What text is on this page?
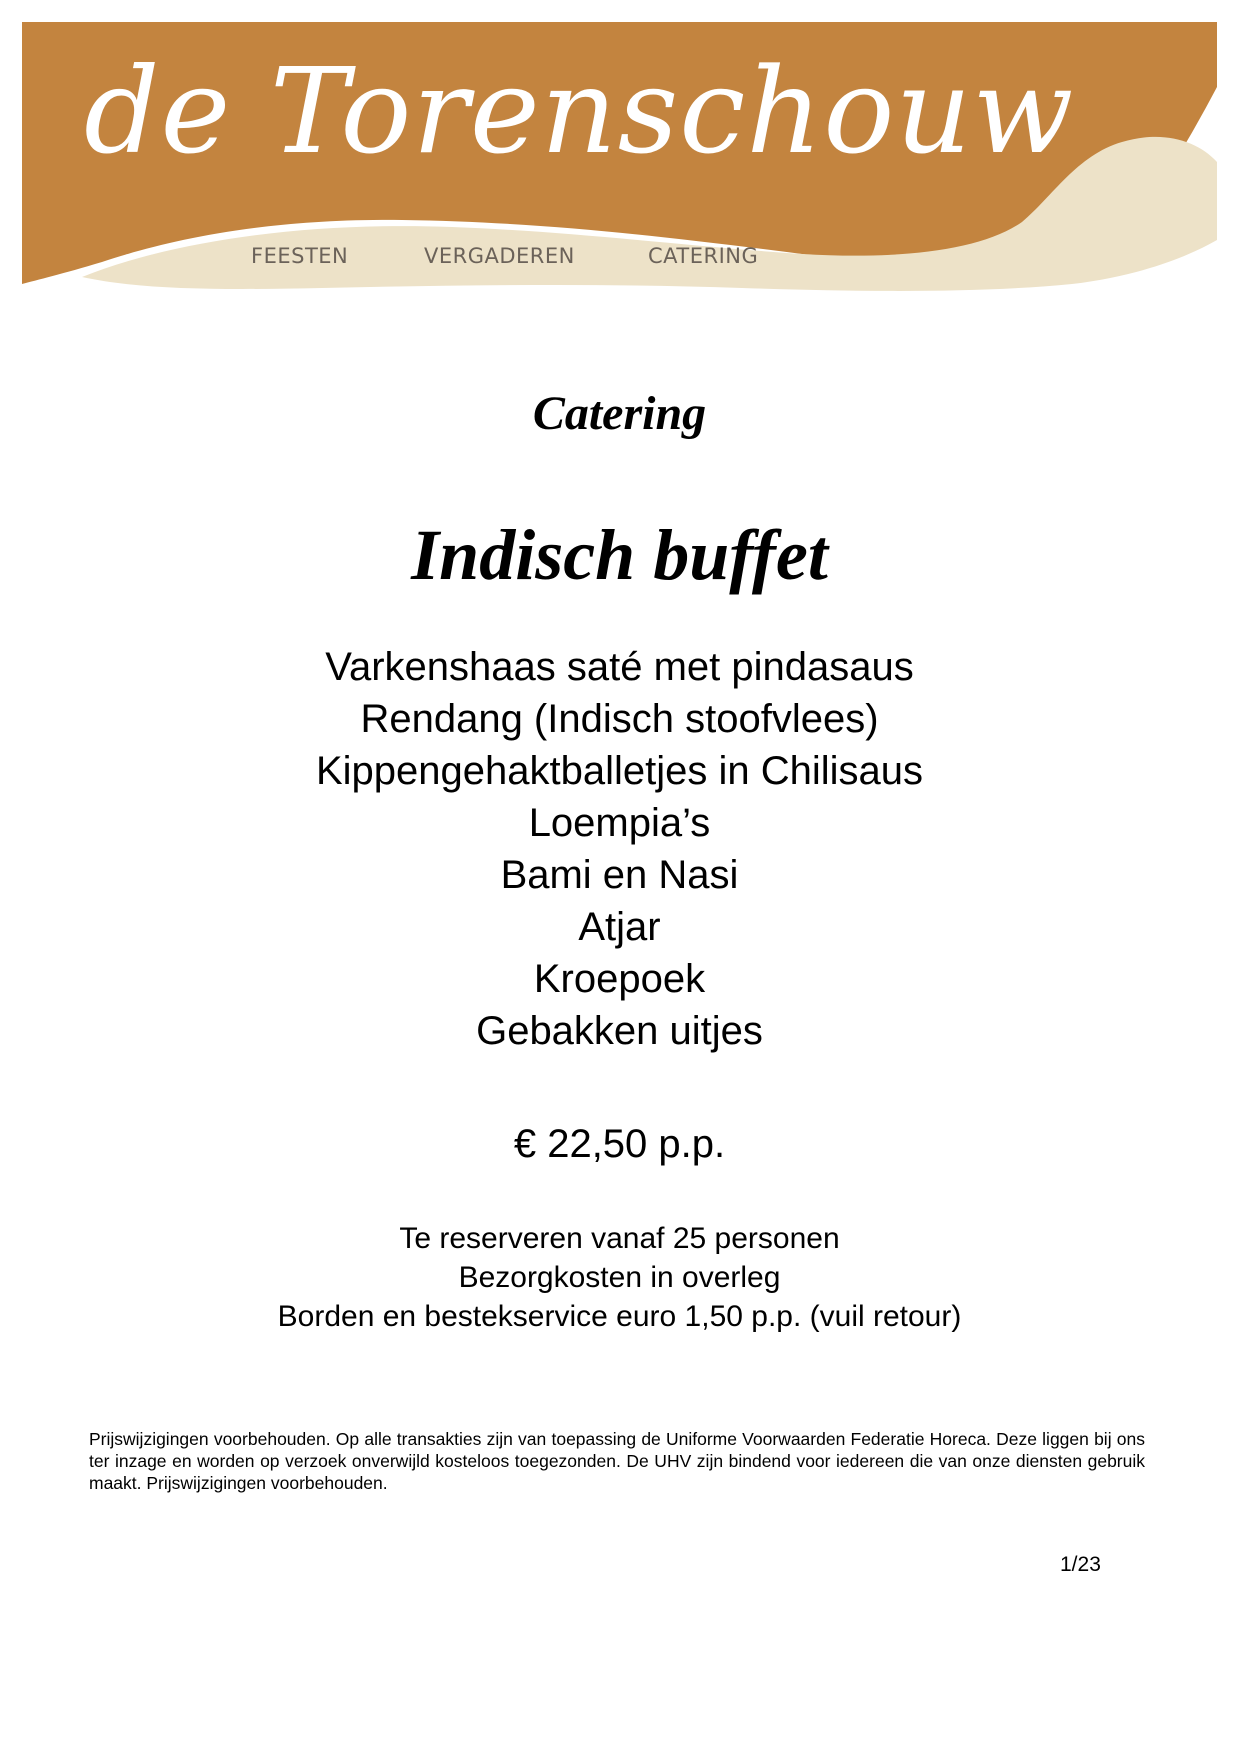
de Torenschouw
FEESTEN	VERGADEREN	CATERING
Catering
Indisch buffet
Varkenshaas saté met pindasaus
Rendang (Indisch stoofvlees)
Kippengehaktballetjes in Chilisaus
Loempia’s
Bami en Nasi
Atjar
Kroepoek
Gebakken uitjes
€ 22,50 p.p.
Te reserveren vanaf 25 personen
Bezorgkosten in overleg
Borden en bestekservice euro 1,50 p.p. (vuil retour)
Prijswijzigingen voorbehouden. Op alle transakties zijn van toepassing de Uniforme Voorwaarden Federatie Horeca. Deze liggen bij ons ter inzage en worden op verzoek onverwijld kosteloos toegezonden. De UHV zijn bindend voor iedereen die van onze diensten gebruik maakt. Prijswijzigingen voorbehouden.
1/23
